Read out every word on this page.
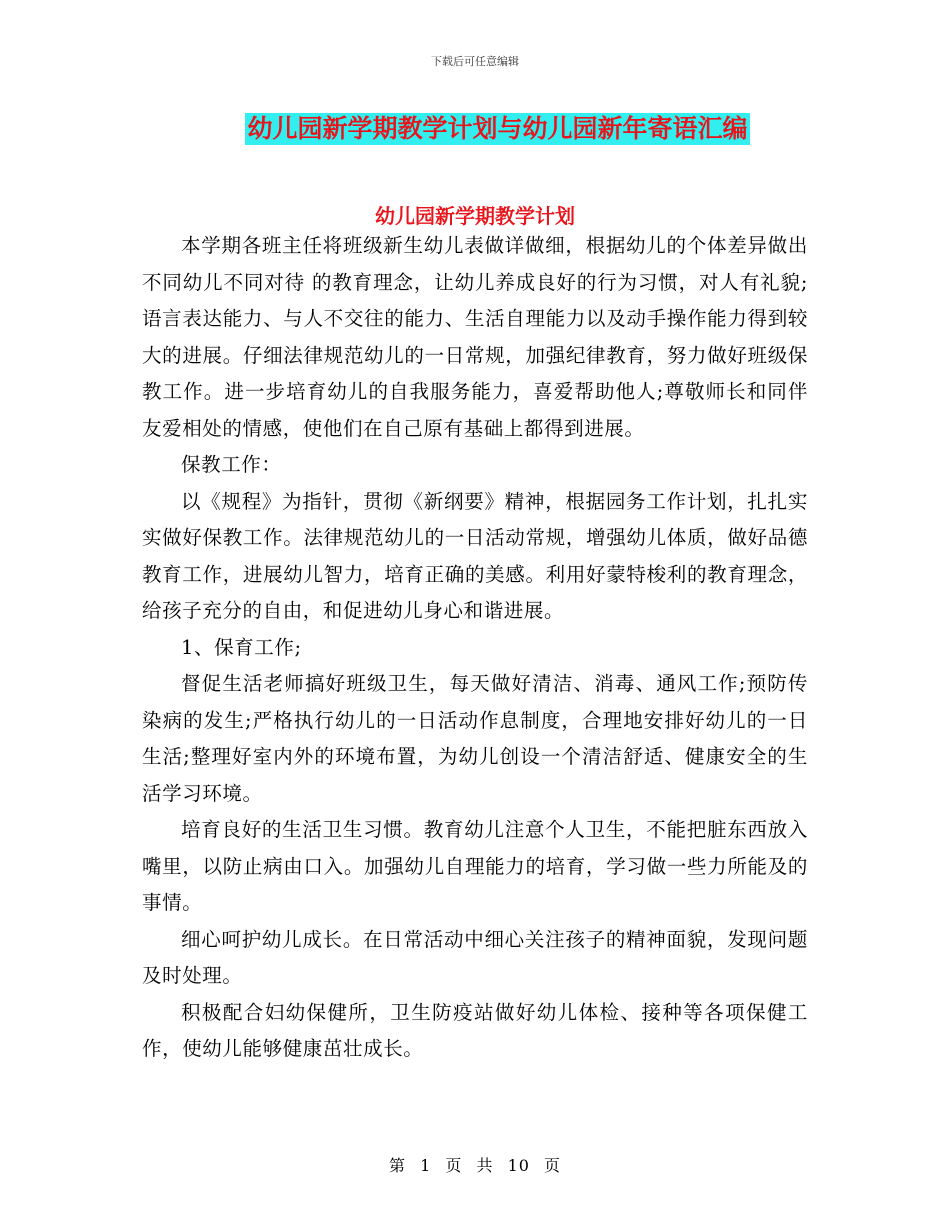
下载后可任意编辑
幼儿园新学期教学计划与幼儿园新年寄语汇编
幼儿园新学期教学计划

本学期各班主任将班级新生幼儿表做详做细，根据幼儿的个体差异做出 不同幼儿不同对待 的教育理念，让幼儿养成良好的行为习惯，对人有礼貌;语言表达能力、与人不交往的能力、生活自理能力以及动手操作能力得到较大的进展。仔细法律规范幼儿的一日常规，加强纪律教育，努力做好班级保教工作。进一步培育幼儿的自我服务能力，喜爱帮助他人;尊敬师长和同伴友爱相处的情感，使他们在自己原有基础上都得到进展。

保教工作：

以《规程》为指针，贯彻《新纲要》精神，根据园务工作计划，扎扎实实做好保教工作。法律规范幼儿的一日活动常规，增强幼儿体质，做好品德教育工作，进展幼儿智力，培育正确的美感。利用好蒙特梭利的教育理念，给孩子充分的自由，和促进幼儿身心和谐进展。

1、保育工作;

督促生活老师搞好班级卫生，每天做好清洁、消毒、通风工作;预防传染病的发生;严格执行幼儿的一日活动作息制度，合理地安排好幼儿的一日生活;整理好室内外的环境布置，为幼儿创设一个清洁舒适、健康安全的生活学习环境。

培育良好的生活卫生习惯。教育幼儿注意个人卫生，不能把脏东西放入嘴里，以防止病由口入。加强幼儿自理能力的培育，学习做一些力所能及的事情。

细心呵护幼儿成长。在日常活动中细心关注孩子的精神面貌，发现问题及时处理。

积极配合妇幼保健所，卫生防疫站做好幼儿体检、接种等各项保健工作，使幼儿能够健康茁壮成长。

第 1 页 共 10 页
